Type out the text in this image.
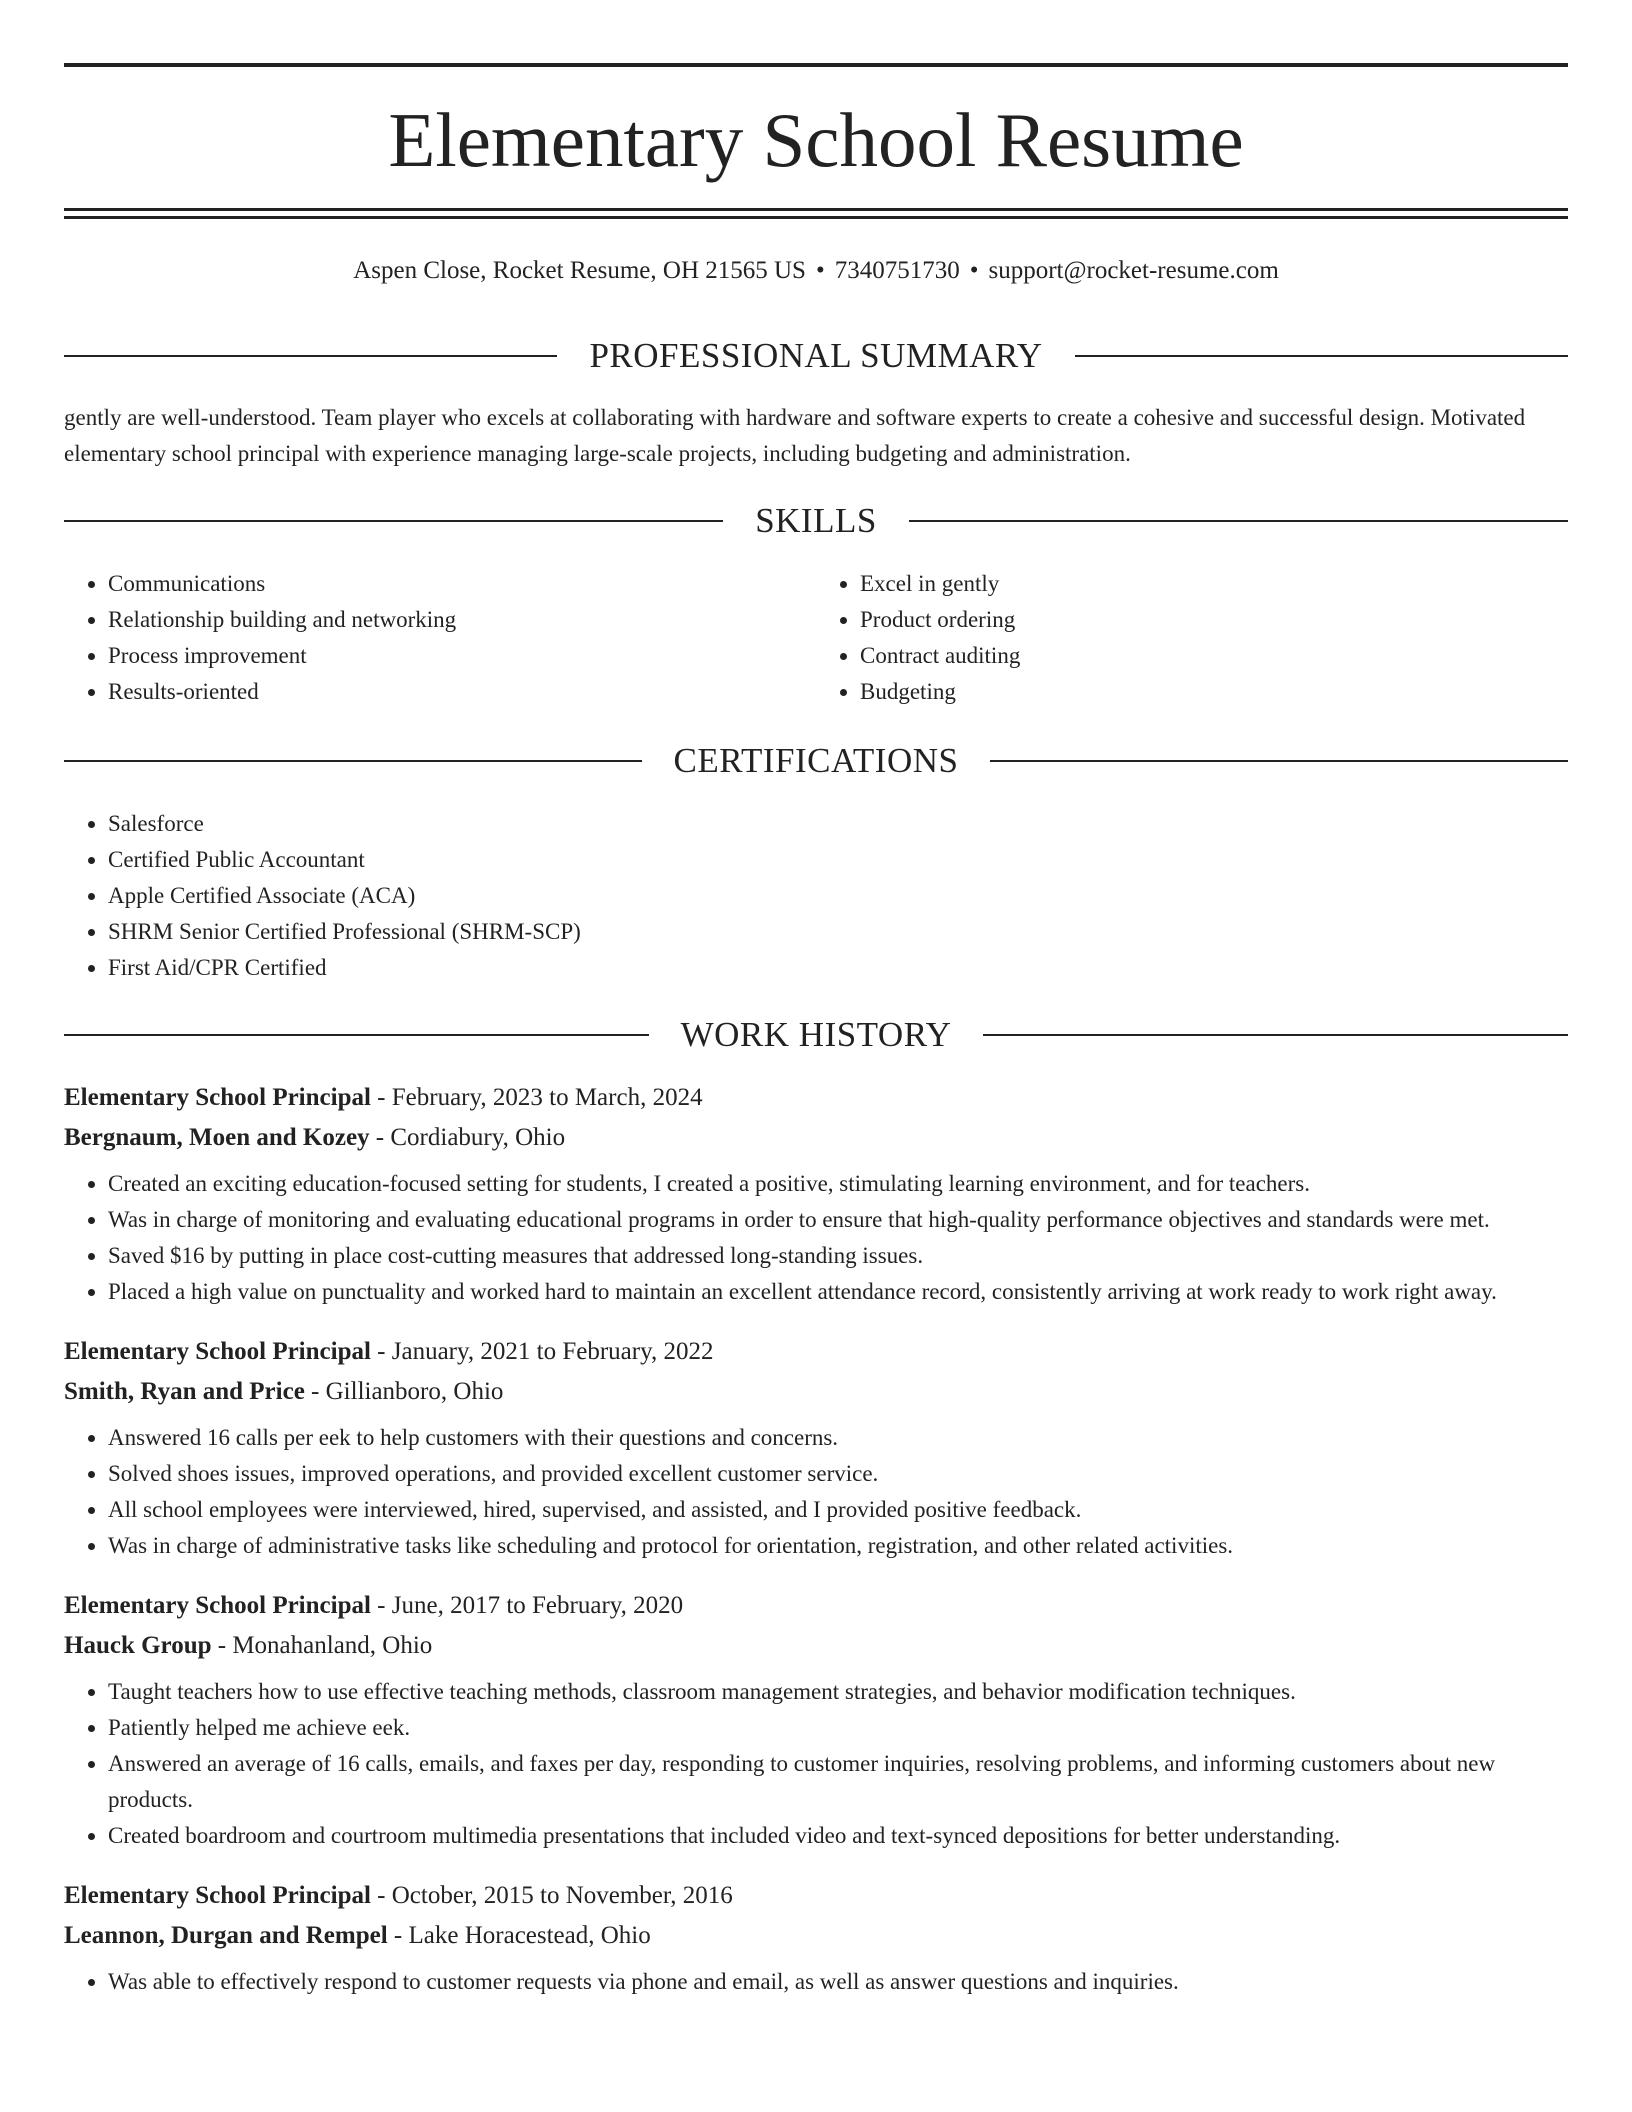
Elementary School Resume
Aspen Close, Rocket Resume, OH 21565 US • 7340751730 • support@rocket-resume.com
PROFESSIONAL SUMMARY

gently are well-understood. Team player who excels at collaborating with hardware and software experts to create a cohesive and successful design. Motivated elementary school principal with experience managing large-scale projects, including budgeting and administration.

SKILLS
• Communications
• Relationship building and networking
• Process improvement
• Results-oriented
• Excel in gently
• Product ordering
• Contract auditing
• Budgeting
CERTIFICATIONS
• Salesforce
• Certified Public Accountant
• Apple Certified Associate (ACA)
• SHRM Senior Certified Professional (SHRM-SCP)
• First Aid/CPR Certified
WORK HISTORY
Elementary School Principal - February, 2023 to March, 2024
Bergnaum, Moen and Kozey - Cordiabury, Ohio
• Created an exciting education-focused setting for students, I created a positive, stimulating learning environment, and for teachers.
• Was in charge of monitoring and evaluating educational programs in order to ensure that high-quality performance objectives and standards were met.
• Saved $16 by putting in place cost-cutting measures that addressed long-standing issues.
• Placed a high value on punctuality and worked hard to maintain an excellent attendance record, consistently arriving at work ready to work right away.
Elementary School Principal - January, 2021 to February, 2022
Smith, Ryan and Price - Gillianboro, Ohio
• Answered 16 calls per eek to help customers with their questions and concerns.
• Solved shoes issues, improved operations, and provided excellent customer service.
• All school employees were interviewed, hired, supervised, and assisted, and I provided positive feedback.
• Was in charge of administrative tasks like scheduling and protocol for orientation, registration, and other related activities.
Elementary School Principal - June, 2017 to February, 2020
Hauck Group - Monahanland, Ohio
• Taught teachers how to use effective teaching methods, classroom management strategies, and behavior modification techniques.
• Patiently helped me achieve eek.
• Answered an average of 16 calls, emails, and faxes per day, responding to customer inquiries, resolving problems, and informing customers about new products.
• Created boardroom and courtroom multimedia presentations that included video and text-synced depositions for better understanding.
Elementary School Principal - October, 2015 to November, 2016
Leannon, Durgan and Rempel - Lake Horacestead, Ohio
• Was able to effectively respond to customer requests via phone and email, as well as answer questions and inquiries.
